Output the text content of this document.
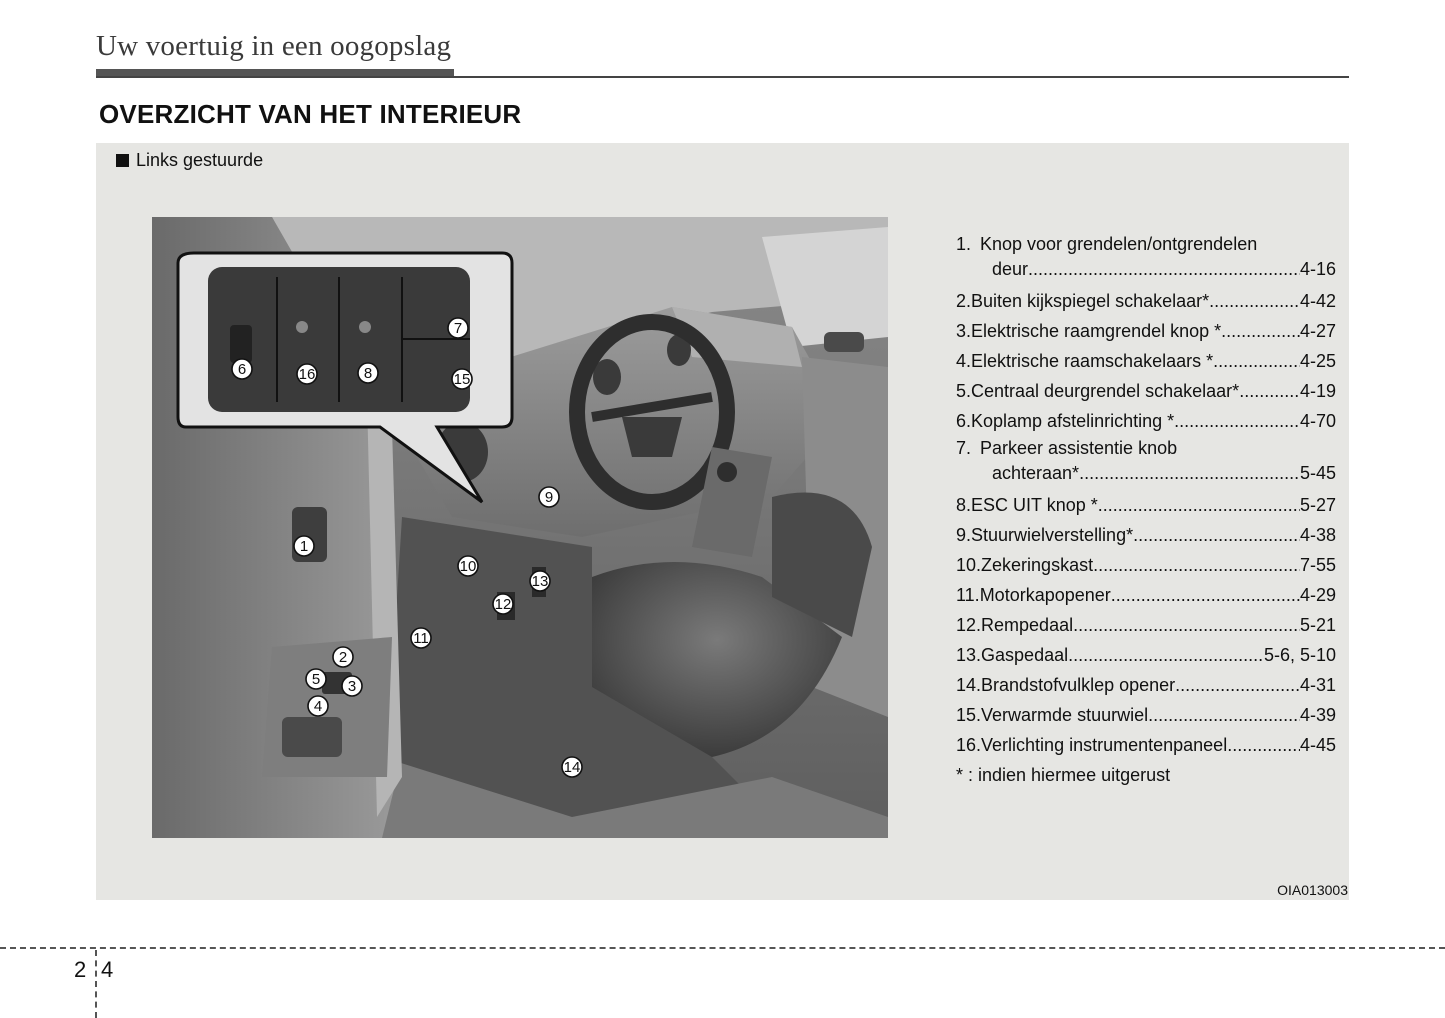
Uw voertuig in een oogopslag
OVERZICHT VAN HET INTERIEUR
Links gestuurde
1
2
3
4
5
6
7
8
9
10
11
12
13
14
15
16
1. Knop voor grendelen/ontgrendelen
deur .....	4-16
2. Buiten kijkspiegel schakelaar* .....	4-42
3. Elektrische raamgrendel knop * .....	4-27
4. Elektrische raamschakelaars * .....	4-25
5. Centraal deurgrendel schakelaar* .....	4-19
6. Koplamp afstelinrichting * .....	4-70
7. Parkeer assistentie knob
achteraan* .....	5-45
8. ESC UIT knop * .....	5-27
9. Stuurwielverstelling* .....	4-38
10. Zekeringskast .....	7-55
11. Motorkapopener .....	4-29
12. Rempedaal .....	5-21
13. Gaspedaal .....	5-6, 5-10
14. Brandstofvulklep opener .....	4-31
15. Verwarmde stuurwiel .....	4-39
16. Verlichting instrumentenpaneel .....	4-45
* : indien hiermee uitgerust
OIA013003
2 4
